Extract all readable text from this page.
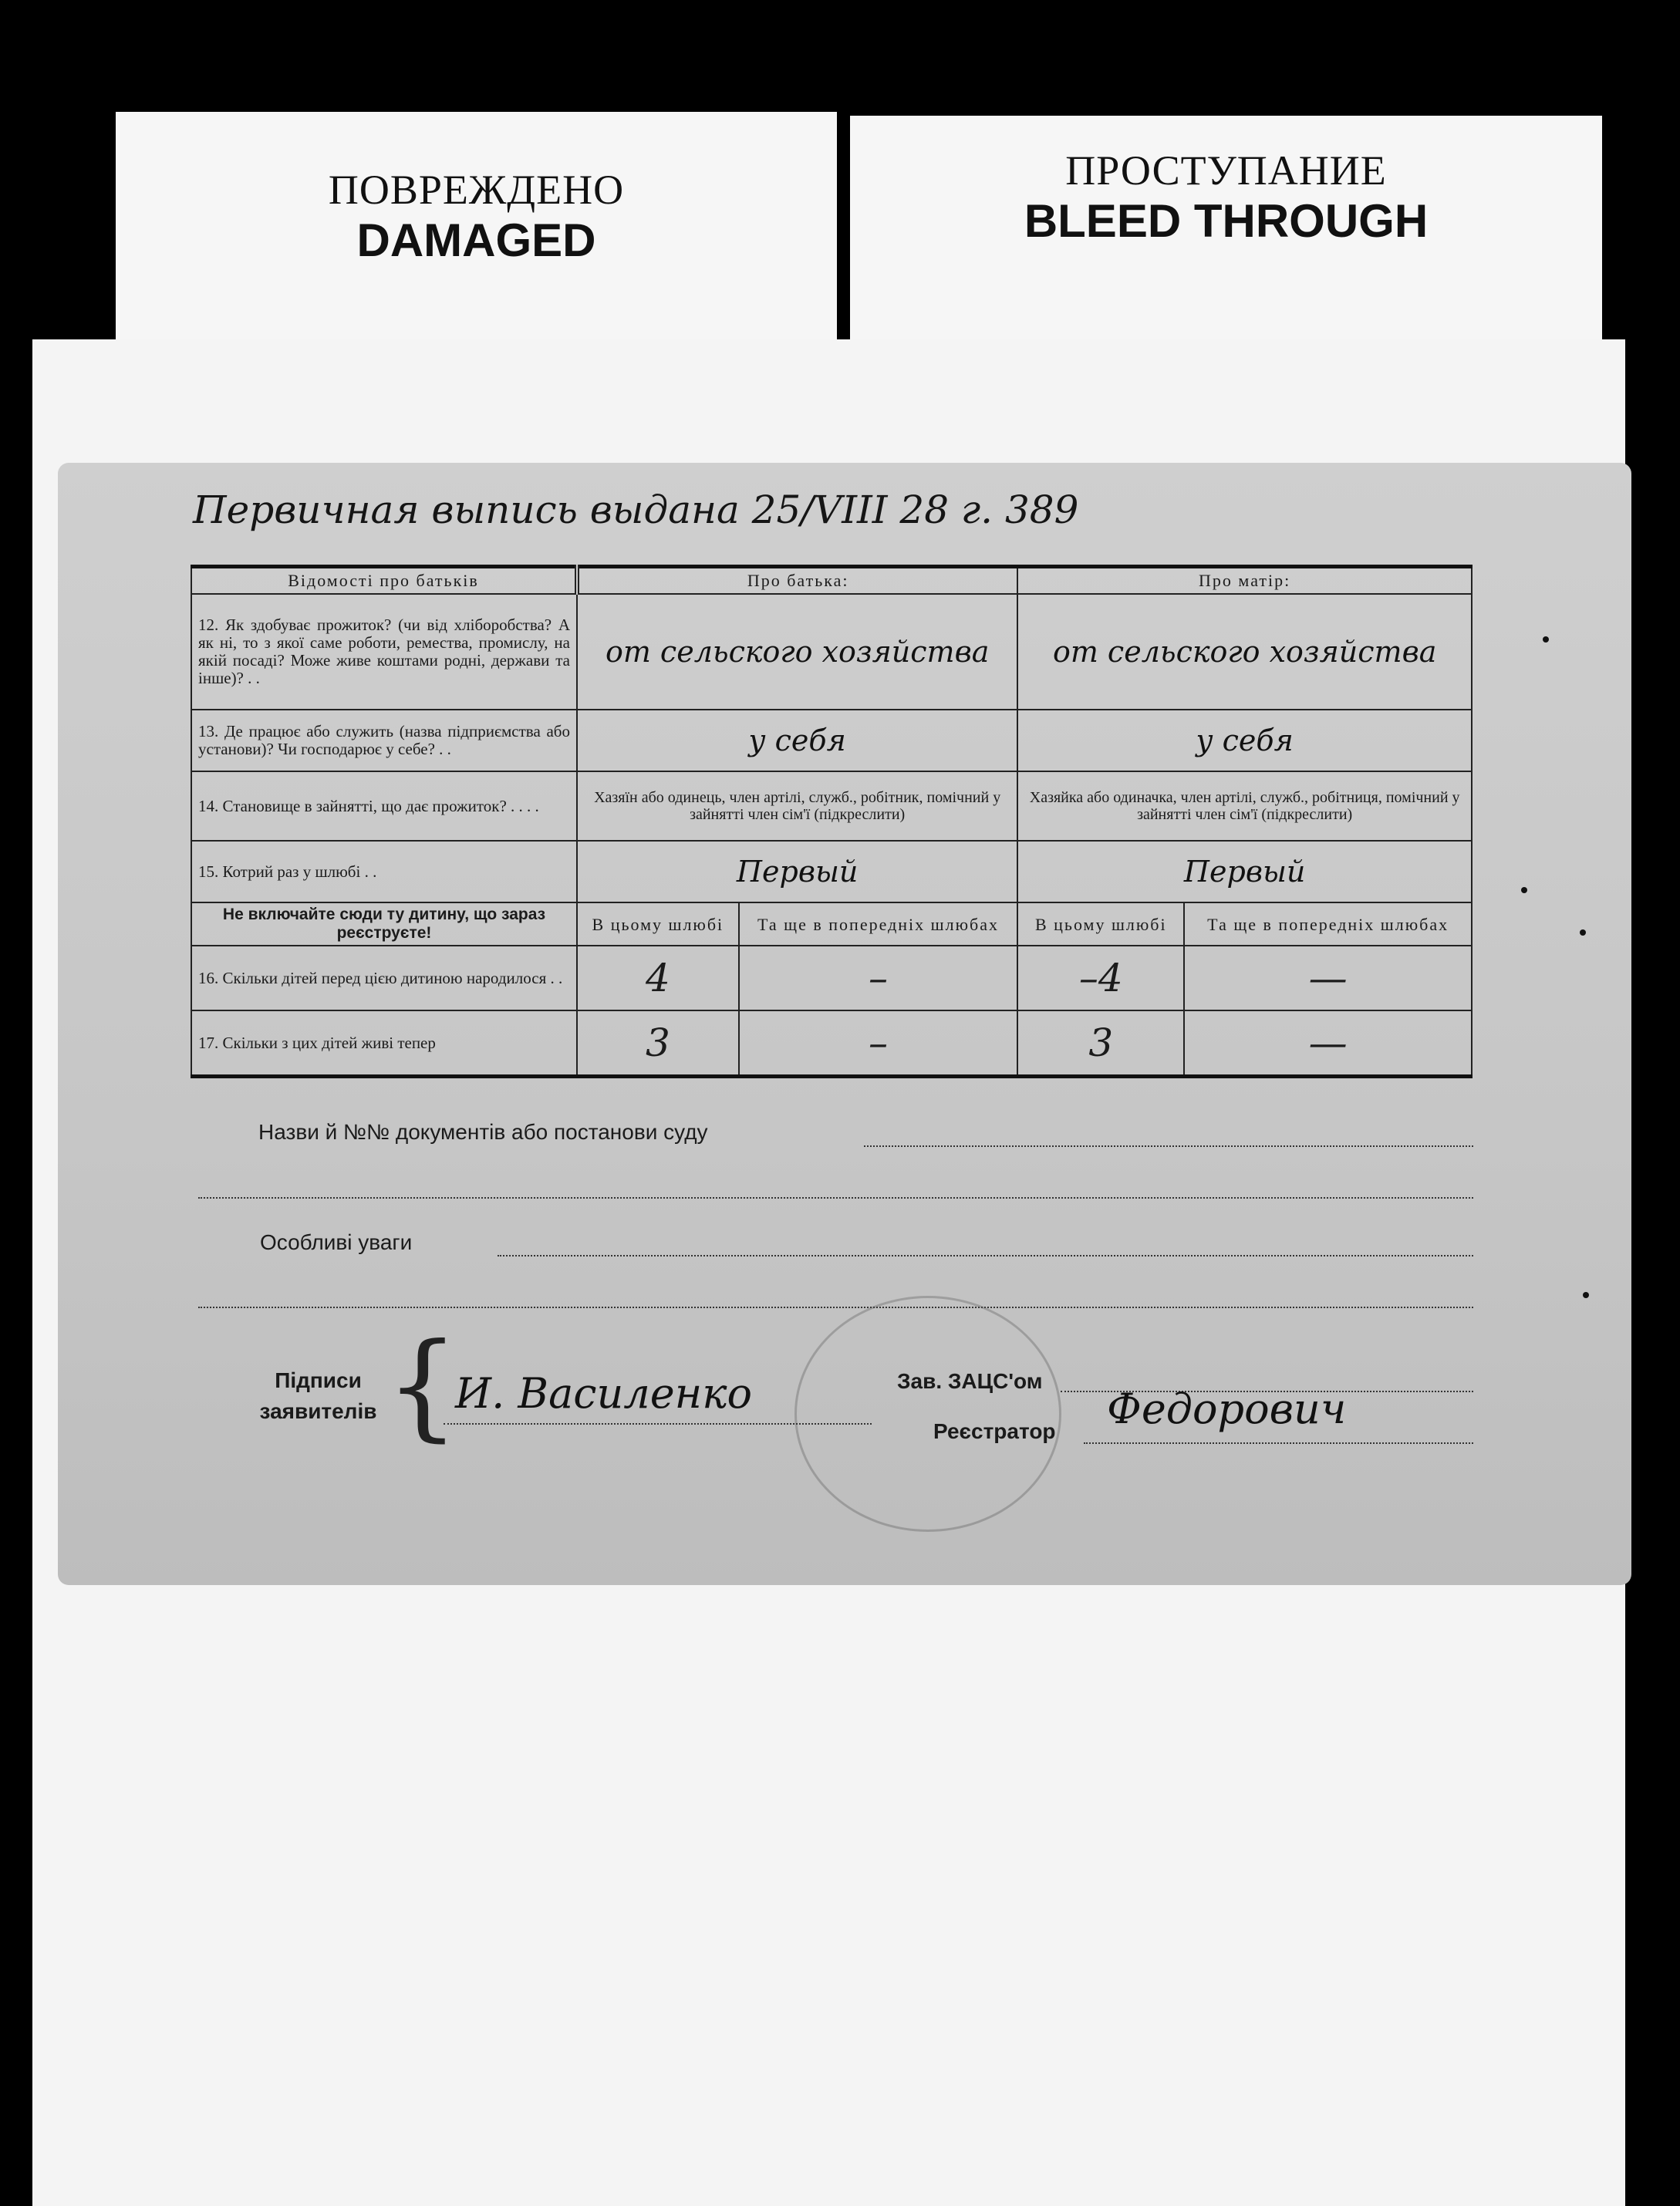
ПОВРЕЖДЕНО
DAMAGED
ПРОСТУПАНИЕ
BLEED THROUGH
Первичная выпись выдана 25/VIII 28 г. 389
Відомості про батьків	Про батька:		Про матір:	
12. Як здобуває прожиток? (чи від хліборобства? А як ні, то з якої саме роботи, ремества, промислу, на якій посаді? Може живе коштами родні, держави та інше)? . .	от сельского хозяйства		от сельского хозяйства	
13. Де працює або служить (назва підприємства або установи)? Чи господарює у себе? . .	у себя		у себя	
14. Становище в зайнятті, що дає прожиток? . . . .	Хазяїн або одинець, член артілі, служб., робітник, помічний у зайнятті член сім'ї (підкреслити)		Хазяйка або одиначка, член артілі, служб., робітниця, помічний у зайнятті член сім'ї (підкреслити)	
15. Котрий раз у шлюбі . .	Первый		Первый	
Не включайте сюди ту дитину, що зараз реєструєте!	В цьому шлюбі	Та ще в попередніх шлюбах	В цьому шлюбі	Та ще в попередніх шлюбах
16. Скільки дітей перед цією дитиною народилося . .	4	–	–4	—
17. Скільки з цих дітей живі тепер	3	–	3	—
Назви й №№ документів або постанови суду
Особливі уваги
Підписи заявителів {
И. Василенко	Зав. ЗАЦС'ом
Реєстратор Федорович
